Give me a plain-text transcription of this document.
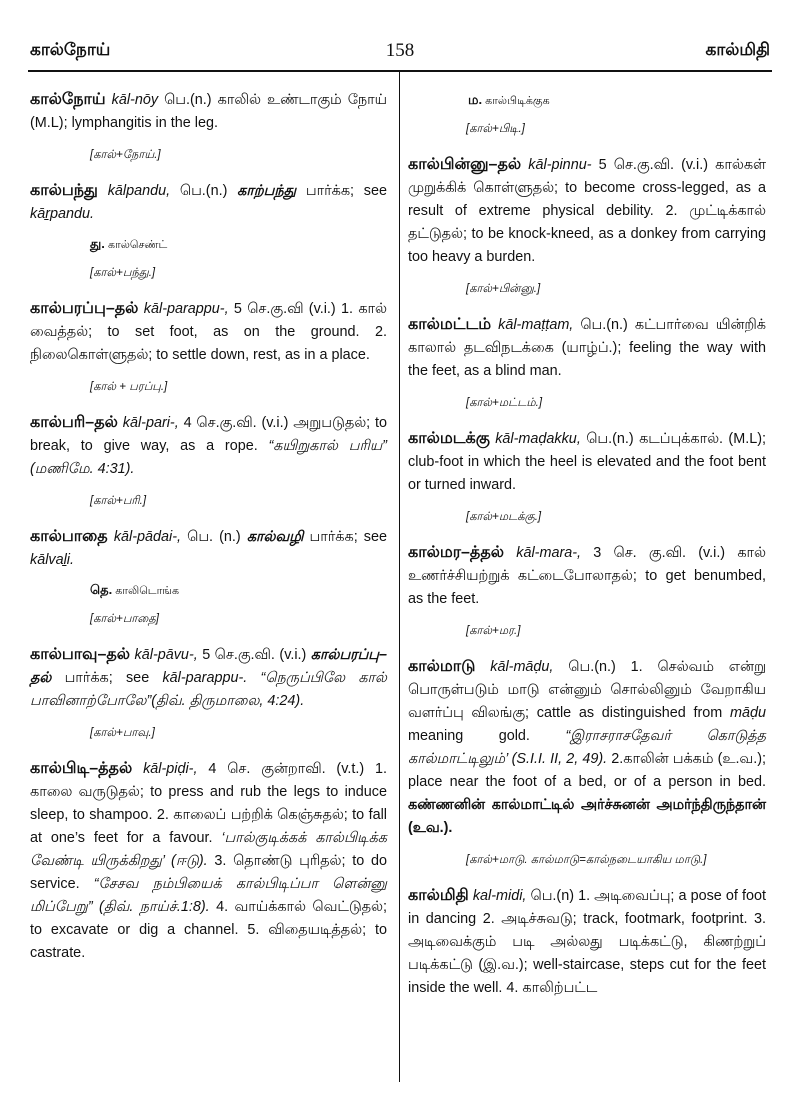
கால்நோய்	158	கால்மிதி

கால்நோய் kāl-nōy பெ.(n.) காலில் உண்டாகும் நோய் (M.L); lymphangitis in the leg.

[கால்+நோய்.]

கால்பந்து kālpandu, பெ.(n.) காற்பந்து பார்க்க; see kāṟpandu.

து. கால்செண்ட்
[கால்+பந்து.]

கால்பரப்பு–தல் kāl-parappu-, 5 செ.கு.வி (v.i.) 1. கால் வைத்தல்; to set foot, as on the ground. 2. நிலைகொள்ளுதல்; to settle down, rest, as in a place.

[கால் + பரப்பு.]

கால்பரி–தல் kāl-pari-, 4 செ.கு.வி. (v.i.) அறுபடுதல்; to break, to give way, as a rope. “கயிறுகால் பரிய” (மணிமே. 4:31).

[கால்+பரி.]

கால்பாதை kāl-pādai-, பெ. (n.) கால்வழி பார்க்க; see kālvaḻi.

தெ. காலிடொங்க
[கால்+பாதை]

கால்பாவு–தல் kāl-pāvu-, 5 செ.கு.வி. (v.i.) கால்பரப்பு–தல் பார்க்க; see kāl-parappu-. “நெருப்பிலே கால் பாவினாற்போலே”(திவ். திருமாலை, 4:24).

[கால்+பாவு.]

கால்பிடி–த்தல் kāl-piḍi-, 4 செ. குன்றாவி. (v.t.) 1. காலை வருடுதல்; to press and rub the legs to induce sleep, to shampoo. 2. காலைப் பற்றிக் கெஞ்சுதல்; to fall at one’s feet for a favour. ‘பால்குடிக்கக் கால்பிடிக்க வேண்டி யிருக்கிறது’ (ஈடு). 3. தொண்டு புரிதல்; to do service. “சேசவ நம்பியைக் கால்பிடிப்பா ளென்னு மிப்பேறு” (திவ். நாய்ச்.1:8). 4. வாய்க்கால் வெட்டுதல்; to excavate or dig a channel. 5. விதையடித்தல்; to castrate.

ம. கால்பிடிக்குக
[கால்+பிடி.]

கால்பின்னு–தல் kāl-pinnu- 5 செ.கு.வி. (v.i.) கால்கள் முறுக்கிக் கொள்ளுதல்; to become cross-legged, as a result of extreme physical debility. 2. முட்டிக்கால் தட்டுதல்; to be knock-kneed, as a donkey from carrying too heavy a burden.

[கால்+பின்னு.]

கால்மட்டம் kāl-maṭṭam, பெ.(n.) கட்பார்வை யின்றிக் காலால் தடவிநடக்கை (யாழ்ப்.); feeling the way with the feet, as a blind man.

[கால்+மட்டம்.]

கால்மடக்கு kāl-maḍakku, பெ.(n.) கடப்புக்கால். (M.L); club-foot in which the heel is elevated and the foot bent or turned inward.

[கால்+மடக்கு.]

கால்மர–த்தல் kāl-mara-, 3 செ. கு.வி. (v.i.) கால் உணர்ச்சியற்றுக் கட்டைபோலாதல்; to get benumbed, as the feet.

[கால்+மர.]

கால்மாடு kāl-māḍu, பெ.(n.) 1. செல்வம் என்று பொருள்படும் மாடு என்னும் சொல்லினும் வேறாகிய வளர்ப்பு விலங்கு; cattle as distinguished from māḍu meaning gold. “இராசராசதேவர் கொடுத்த கால்மாட்டிலும்’ (S.I.I. II, 2, 49). 2.காலின் பக்கம் (உ.வ.); place near the foot of a bed, or of a person in bed. கண்ணனின் கால்மாட்டில் அர்ச்சுனன் அமர்ந்திருந்தான் (உவ.).

[கால்+மாடு. கால்மாடு=கால்நடையாகிய மாடு.]

கால்மிதி kal-midi, பெ.(n) 1. அடிவைப்பு; a pose of foot in dancing 2. அடிச்சுவடு; track, footmark, footprint. 3. அடிவைக்கும் படி அல்லது படிக்கட்டு, கிணற்றுப் படிக்கட்டு (இ.வ.); well-staircase, steps cut for the feet inside the well. 4. காலிற்பட்ட
